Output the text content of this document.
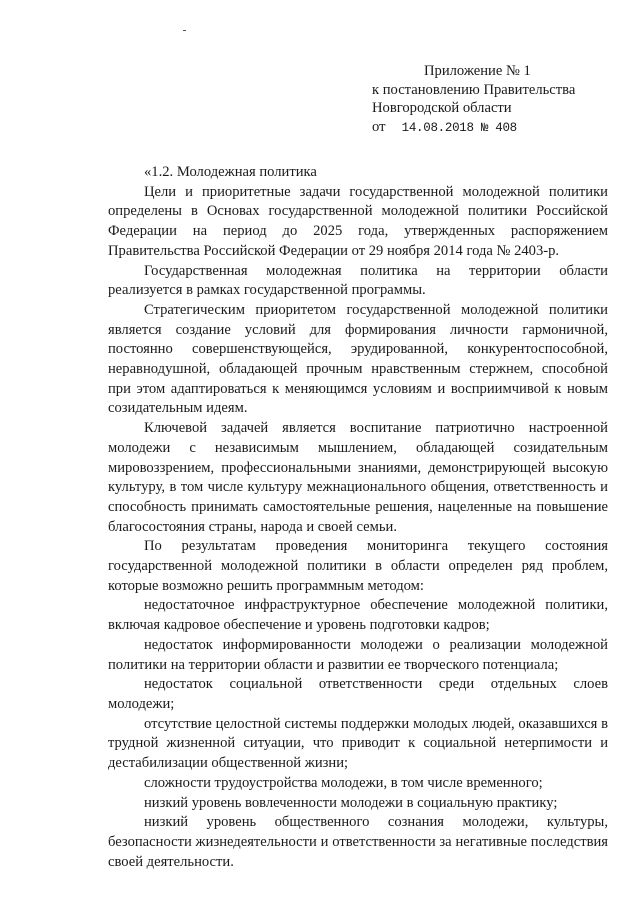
Приложение № 1
к постановлению Правительства
Новгородской области
от 14.08.2018 № 408

«1.2. Молодежная политика

Цели и приоритетные задачи государственной молодежной политики определены в Основах государственной молодежной политики Российской Федерации на период до 2025 года, утвержденных распоряжением Правительства Российской Федерации от 29 ноября 2014 года № 2403-р.

Государственная молодежная политика на территории области реализуется в рамках государственной программы.

Стратегическим приоритетом государственной молодежной политики является создание условий для формирования личности гармоничной, постоянно совершенствующейся, эрудированной, конкурентоспособной, неравнодушной, обладающей прочным нравственным стержнем, способной при этом адаптироваться к меняющимся условиям и восприимчивой к новым созидательным идеям.

Ключевой задачей является воспитание патриотично настроенной молодежи с независимым мышлением, обладающей созидательным мировоззрением, профессиональными знаниями, демонстрирующей высокую культуру, в том числе культуру межнационального общения, ответственность и способность принимать самостоятельные решения, нацеленные на повышение благосостояния страны, народа и своей семьи.

По результатам проведения мониторинга текущего состояния государственной молодежной политики в области определен ряд проблем, которые возможно решить программным методом:

недостаточное инфраструктурное обеспечение молодежной политики, включая кадровое обеспечение и уровень подготовки кадров;

недостаток информированности молодежи о реализации молодежной политики на территории области и развитии ее творческого потенциала;

недостаток социальной ответственности среди отдельных слоев молодежи;

отсутствие целостной системы поддержки молодых людей, оказавшихся в трудной жизненной ситуации, что приводит к социальной нетерпимости и дестабилизации общественной жизни;

сложности трудоустройства молодежи, в том числе временного;

низкий уровень вовлеченности молодежи в социальную практику;

низкий уровень общественного сознания молодежи, культуры, безопасности жизнедеятельности и ответственности за негативные последствия своей деятельности.
